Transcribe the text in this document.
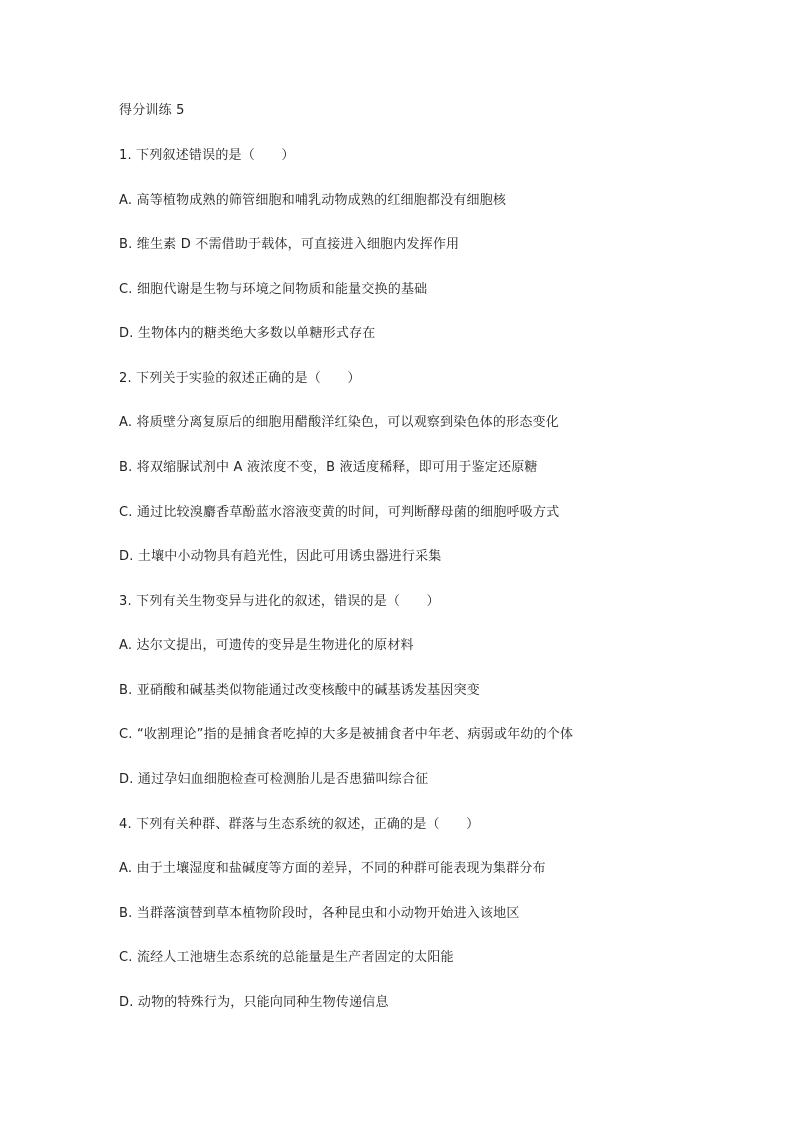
得分训练 5
1. 下列叙述错误的是（　　）
A. 高等植物成熟的筛管细胞和哺乳动物成熟的红细胞都没有细胞核
B. 维生素 D 不需借助于载体，可直接进入细胞内发挥作用
C. 细胞代谢是生物与环境之间物质和能量交换的基础
D. 生物体内的糖类绝大多数以单糖形式存在
2. 下列关于实验的叙述正确的是（　　）
A. 将质壁分离复原后的细胞用醋酸洋红染色，可以观察到染色体的形态变化
B. 将双缩脲试剂中 A 液浓度不变，B 液适度稀释，即可用于鉴定还原糖
C. 通过比较溴麝香草酚蓝水溶液变黄的时间，可判断酵母菌的细胞呼吸方式
D. 土壤中小动物具有趋光性，因此可用诱虫器进行采集
3. 下列有关生物变异与进化的叙述，错误的是（　　）
A. 达尔文提出，可遗传的变异是生物进化的原材料
B. 亚硝酸和碱基类似物能通过改变核酸中的碱基诱发基因突变
C. “收割理论”指的是捕食者吃掉的大多是被捕食者中年老、病弱或年幼的个体
D. 通过孕妇血细胞检查可检测胎儿是否患猫叫综合征
4. 下列有关种群、群落与生态系统的叙述，正确的是（　　）
A. 由于土壤湿度和盐碱度等方面的差异，不同的种群可能表现为集群分布
B. 当群落演替到草本植物阶段时，各种昆虫和小动物开始进入该地区
C. 流经人工池塘生态系统的总能量是生产者固定的太阳能
D. 动物的特殊行为，只能向同种生物传递信息
